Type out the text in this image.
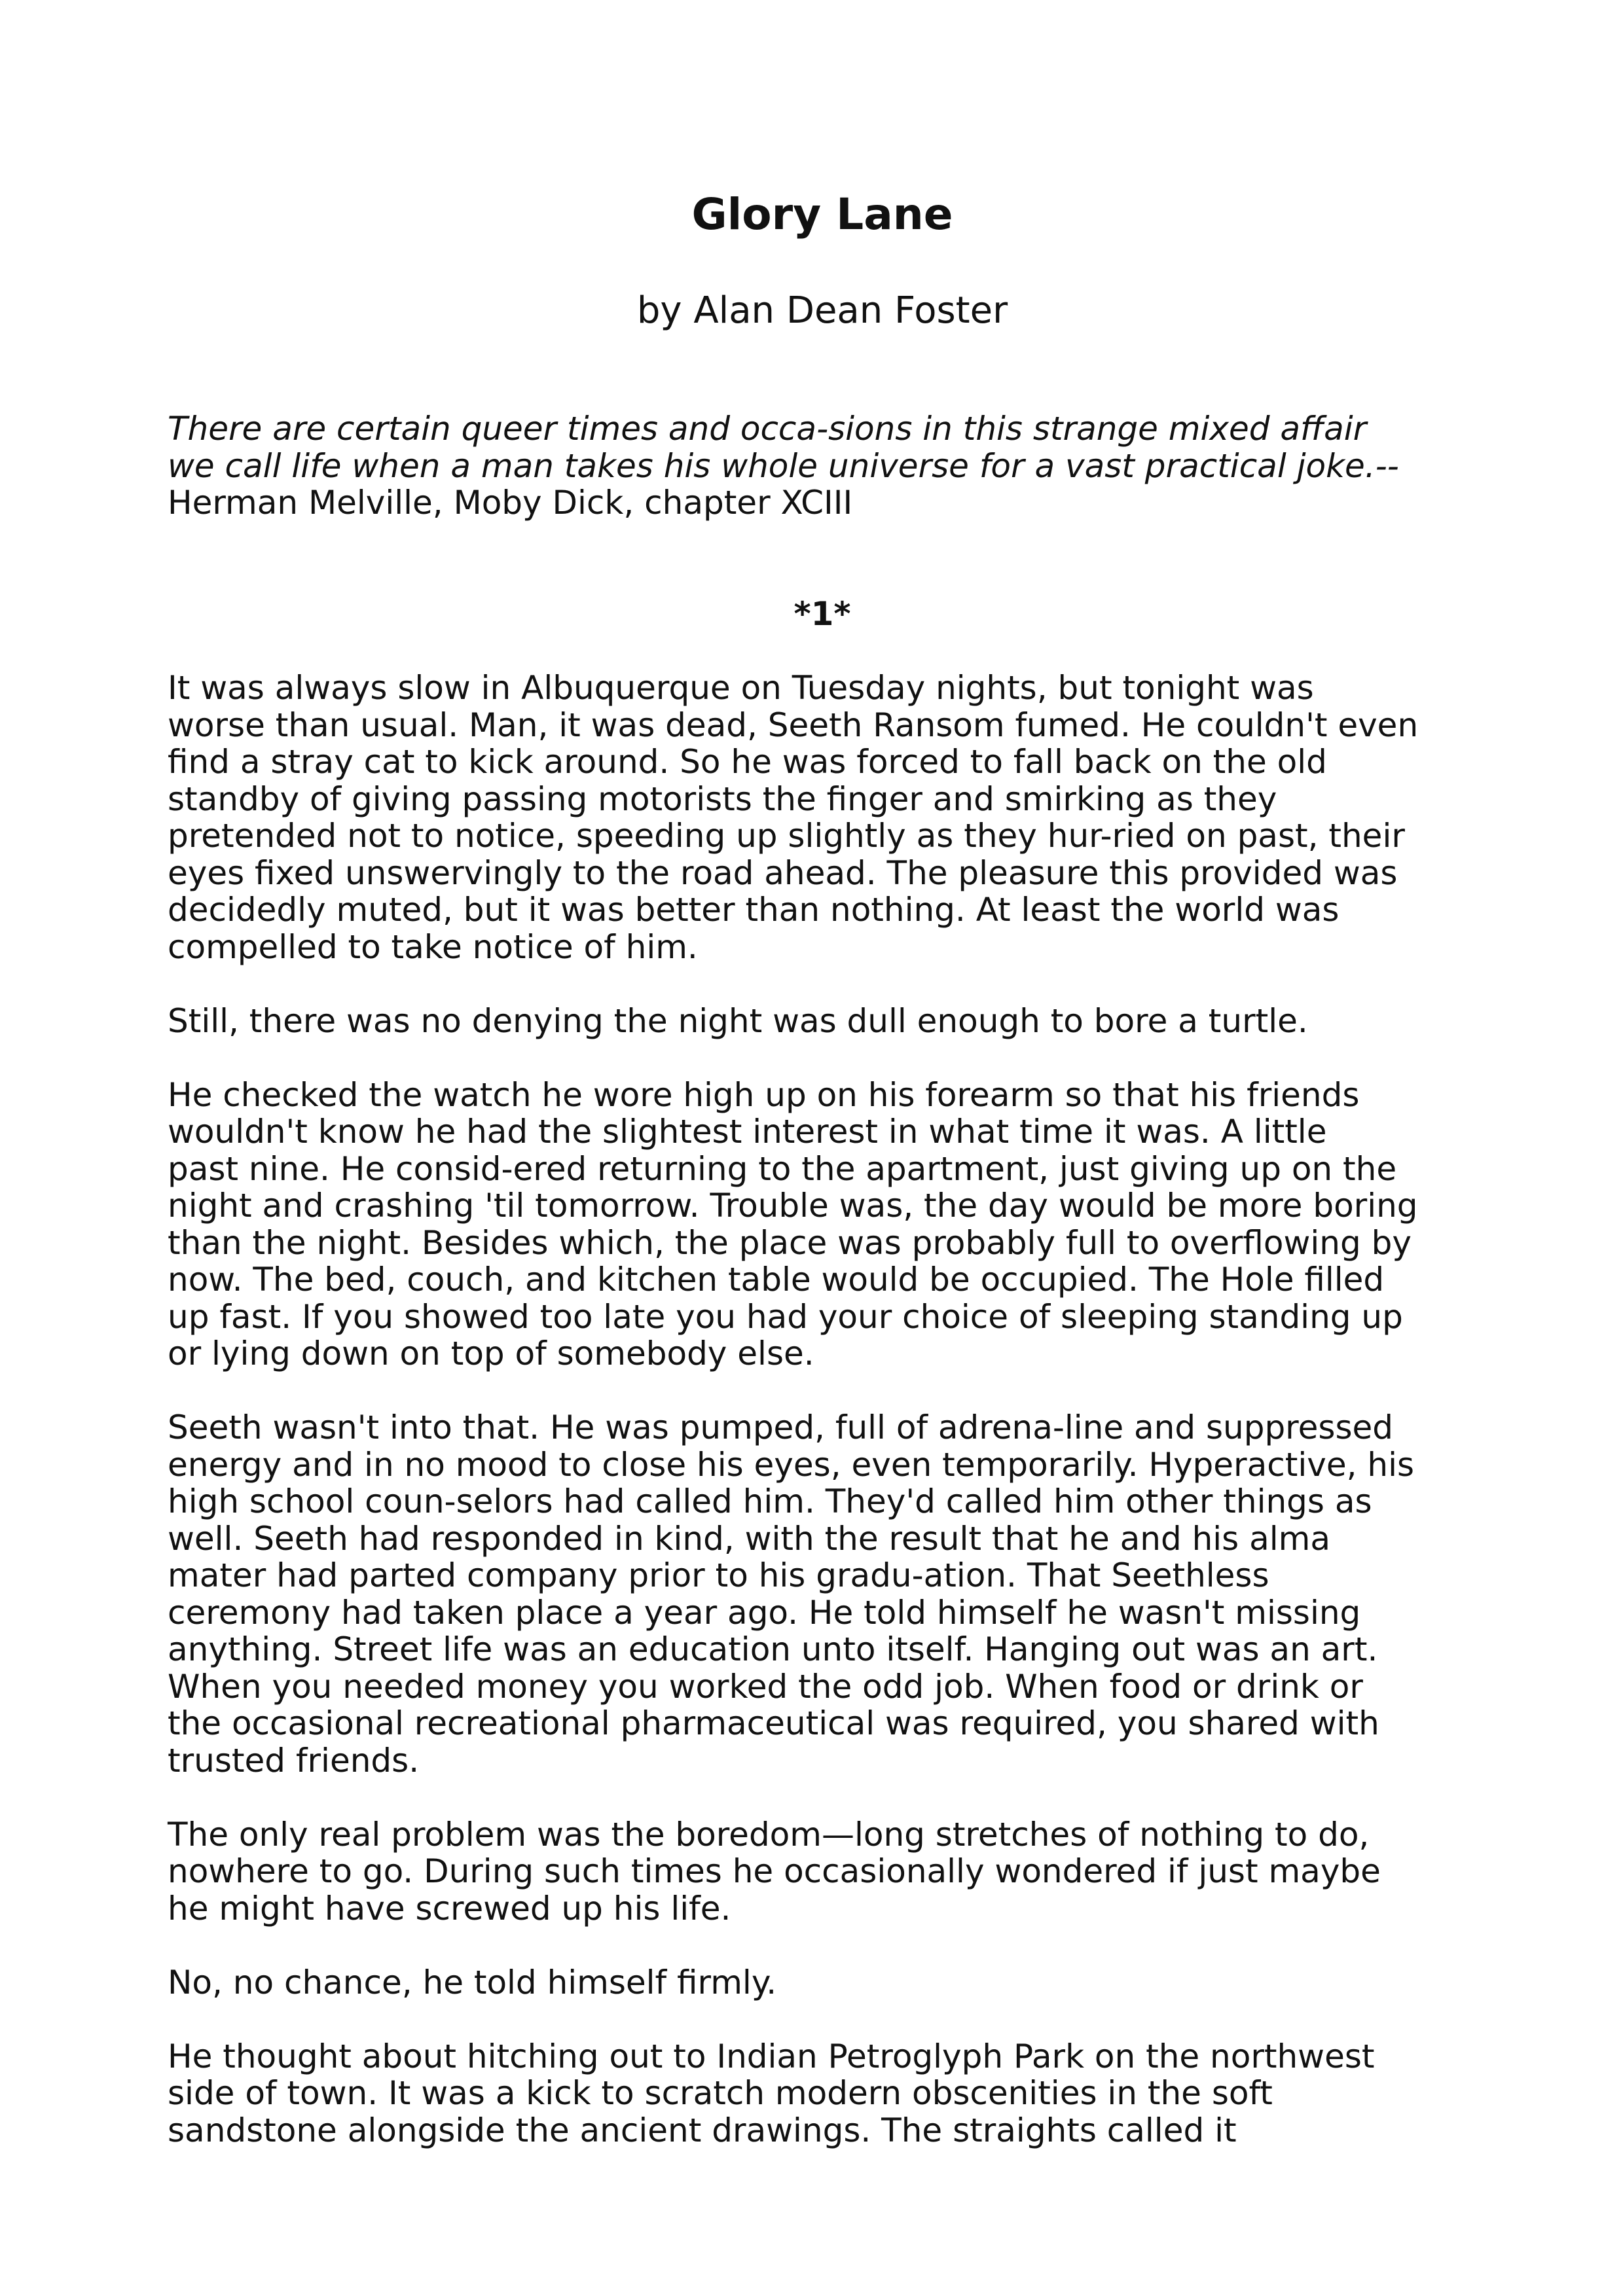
Glory Lane
by Alan Dean Foster
There are certain queer times and occa-sions in this strange mixed affair
we call life when a man takes his whole universe for a vast practical joke.--
Herman Melville, Moby Dick, chapter XCIII
*1*

It was always slow in Albuquerque on Tuesday nights, but tonight was
worse than usual. Man, it was dead, Seeth Ransom fumed. He couldn't even
find a stray cat to kick around. So he was forced to fall back on the old
standby of giving passing motorists the finger and smirking as they
pretended not to notice, speeding up slightly as they hur-ried on past, their
eyes fixed unswervingly to the road ahead. The pleasure this provided was
decidedly muted, but it was better than nothing. At least the world was
compelled to take notice of him.

Still, there was no denying the night was dull enough to bore a turtle.

He checked the watch he wore high up on his forearm so that his friends
wouldn't know he had the slightest interest in what time it was. A little
past nine. He consid-ered returning to the apartment, just giving up on the
night and crashing 'til tomorrow. Trouble was, the day would be more boring
than the night. Besides which, the place was probably full to overflowing by
now. The bed, couch, and kitchen table would be occupied. The Hole filled
up fast. If you showed too late you had your choice of sleeping standing up
or lying down on top of somebody else.

Seeth wasn't into that. He was pumped, full of adrena-line and suppressed
energy and in no mood to close his eyes, even temporarily. Hyperactive, his
high school coun-selors had called him. They'd called him other things as
well. Seeth had responded in kind, with the result that he and his alma
mater had parted company prior to his gradu-ation. That Seethless
ceremony had taken place a year ago. He told himself he wasn't missing
anything. Street life was an education unto itself. Hanging out was an art.
When you needed money you worked the odd job. When food or drink or
the occasional recreational pharmaceutical was required, you shared with
trusted friends.

The only real problem was the boredom—long stretches of nothing to do,
nowhere to go. During such times he occasionally wondered if just maybe
he might have screwed up his life.

No, no chance, he told himself firmly.

He thought about hitching out to Indian Petroglyph Park on the northwest
side of town. It was a kick to scratch modern obscenities in the soft
sandstone alongside the ancient drawings. The straights called it
